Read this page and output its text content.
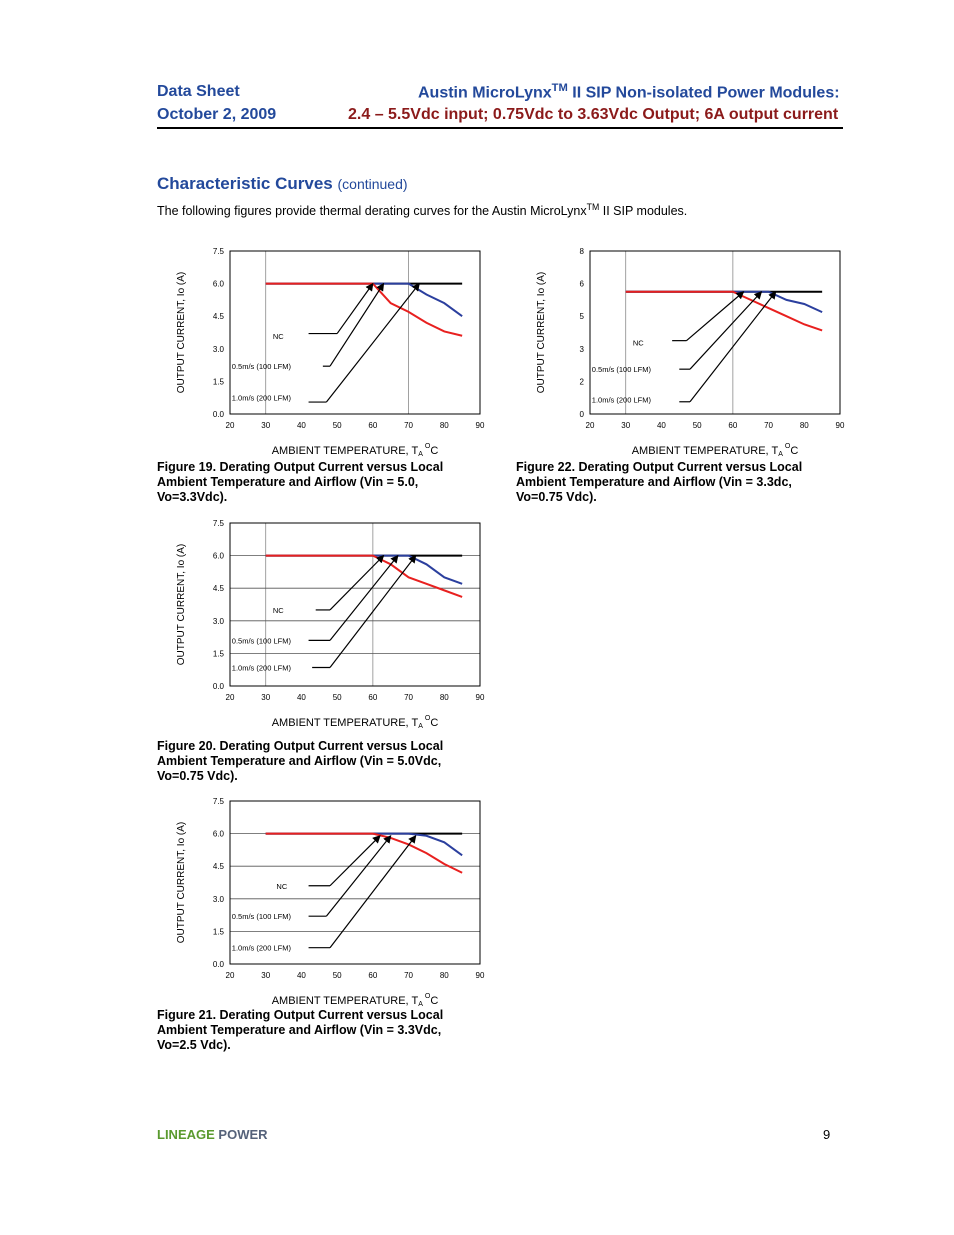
Data Sheet
October 2, 2009
Austin MicroLynx™ II SIP Non-isolated Power Modules:
2.4 – 5.5Vdc input; 0.75Vdc to 3.63Vdc Output; 6A output current
Characteristic Curves (continued)
The following figures provide thermal derating curves for the Austin MicroLynx™ II SIP modules.
0.0
1.5
3.0
4.5
6.0
7.5
20	30	40	50	60	70	80	90
OUTPUT CURRENT, Io (A)
AMBIENT TEMPERATURE, $TA^OC$
NC
0.5m/s (100 LFM)
1.0m/s (200 LFM)
0
2
3
5
6
8
20	30	40	50	60	70	80	90
OUTPUT CURRENT, Io (A)
AMBIENT TEMPERATURE, $TA^OC$
NC
0.5m/s (100 LFM)
1.0m/s (200 LFM)
0.0
1.5
3.0
4.5
6.0
7.5
20	30	40	50	60	70	80	90
OUTPUT CURRENT, Io (A)
AMBIENT TEMPERATURE, $TA^OC$
NC
0.5m/s (100 LFM)
1.0m/s (200 LFM)
0.0
1.5
3.0
4.5
6.0
7.5
20	30	40	50	60	70	80	90
OUTPUT CURRENT, Io (A)
AMBIENT TEMPERATURE, $TA^OC$
NC
0.5m/s (100 LFM)
1.0m/s (200 LFM)
Figure 19. Derating Output Current versus Local Ambient Temperature and Airflow (Vin = 5.0, Vo=3.3Vdc).
Figure 22. Derating Output Current versus Local Ambient Temperature and Airflow (Vin = 3.3dc, Vo=0.75 Vdc).
Figure 20. Derating Output Current versus Local Ambient Temperature and Airflow (Vin = 5.0Vdc, Vo=0.75 Vdc).
Figure 21. Derating Output Current versus Local Ambient Temperature and Airflow (Vin = 3.3Vdc, Vo=2.5 Vdc).
LINEAGE POWER	9
